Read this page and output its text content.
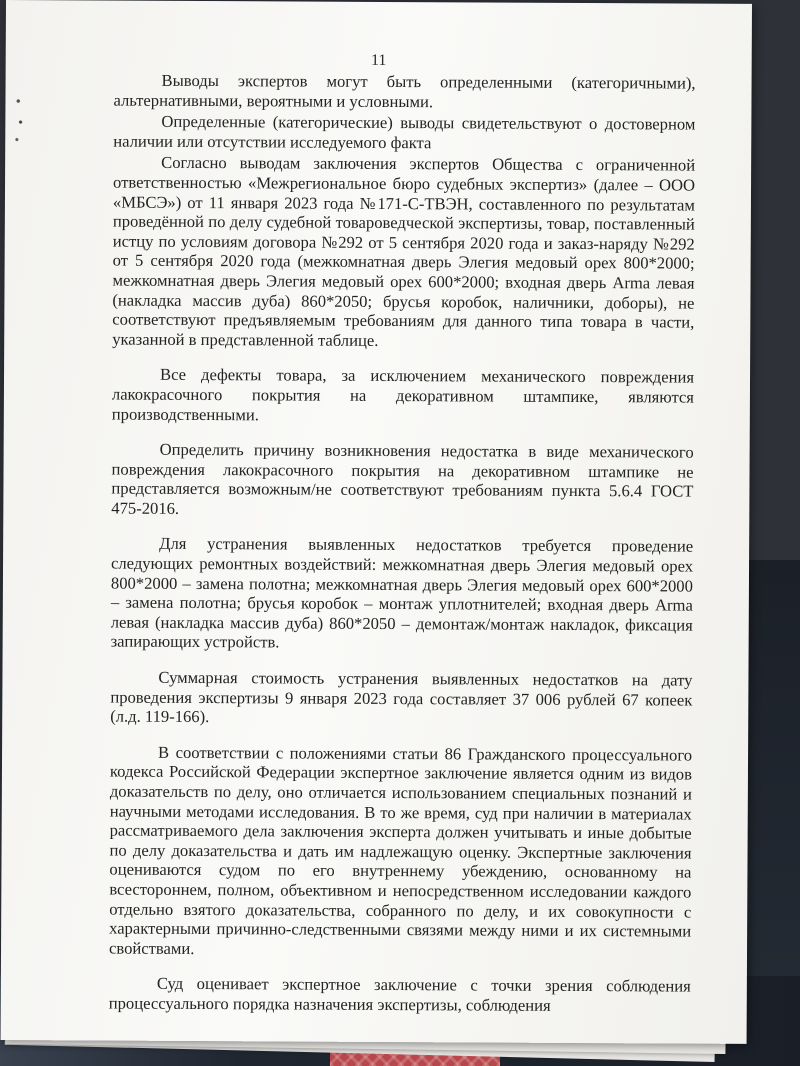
11

Выводы экспертов могут быть определенными (категоричными), альтернативными, вероятными и условными.

Определенные (категорические) выводы свидетельствуют о достоверном наличии или отсутствии исследуемого факта

Согласно выводам заключения экспертов Общества с ограниченной ответственностью «Межрегиональное бюро судебных экспертиз» (далее – ООО «МБСЭ») от 11 января 2023 года №171-С-ТВЭН, составленного по результатам проведённой по делу судебной товароведческой экспертизы, товар, поставленный истцу по условиям договора №292 от 5 сентября 2020 года и заказ-наряду №292 от 5 сентября 2020 года (межкомнатная дверь Элегия медовый орех 800*2000; межкомнатная дверь Элегия медовый орех 600*2000; входная дверь Arma левая (накладка массив дуба) 860*2050; брусья коробок, наличники, доборы), не соответствуют предъявляемым требованиям для данного типа товара в части, указанной в представленной таблице.

Все дефекты товара, за исключением механического повреждения лакокрасочного покрытия на декоративном штампике, являются производственными.

Определить причину возникновения недостатка в виде механического повреждения лакокрасочного покрытия на декоративном штампике не представляется возможным/не соответствуют требованиям пункта 5.6.4 ГОСТ 475-2016.

Для устранения выявленных недостатков требуется проведение следующих ремонтных воздействий: межкомнатная дверь Элегия медовый орех 800*2000 – замена полотна; межкомнатная дверь Элегия медовый орех 600*2000 – замена полотна; брусья коробок – монтаж уплотнителей; входная дверь Arma левая (накладка массив дуба) 860*2050 – демонтаж/монтаж накладок, фиксация запирающих устройств.

Суммарная стоимость устранения выявленных недостатков на дату проведения экспертизы 9 января 2023 года составляет 37 006 рублей 67 копеек (л.д. 119-166).

В соответствии с положениями статьи 86 Гражданского процессуального кодекса Российской Федерации экспертное заключение является одним из видов доказательств по делу, оно отличается использованием специальных познаний и научными методами исследования. В то же время, суд при наличии в материалах рассматриваемого дела заключения эксперта должен учитывать и иные добытые по делу доказательства и дать им надлежащую оценку. Экспертные заключения оцениваются судом по его внутреннему убеждению, основанному на всестороннем, полном, объективном и непосредственном исследовании каждого отдельно взятого доказательства, собранного по делу, и их совокупности с характерными причинно-следственными связями между ними и их системными свойствами.

Суд оценивает экспертное заключение с точки зрения соблюдения процессуального порядка назначения экспертизы, соблюдения
